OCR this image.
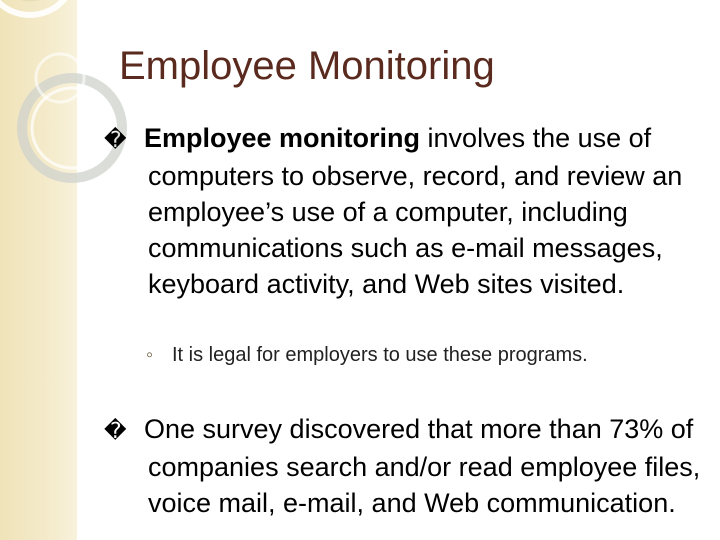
Employee Monitoring
� Employee monitoring involves the use of computers to observe, record, and review an employee’s use of a computer, including communications such as e-mail messages, keyboard activity, and Web sites visited.
◦ It is legal for employers to use these programs.
� One survey discovered that more than 73% of companies search and/or read employee files, voice mail, e-mail, and Web communication.
